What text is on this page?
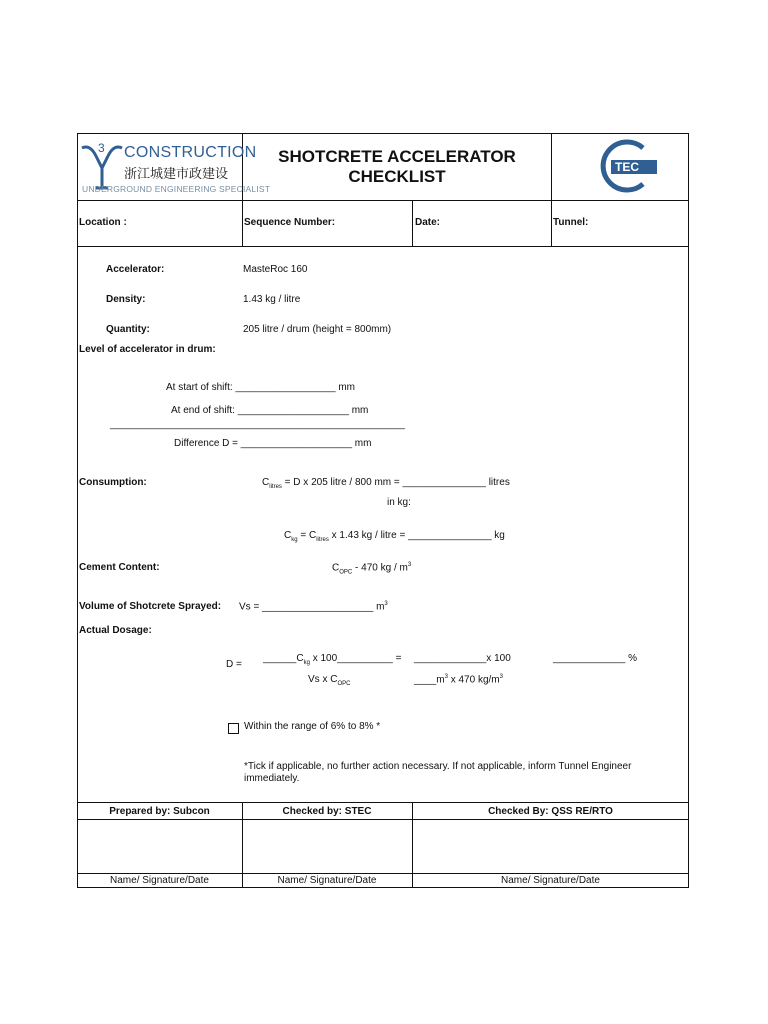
3 CONSTRUCTION
浙江城建市政建设
UNDERGROUND ENGINEERING SPECIALIST
SHOTCRETE ACCELERATOR
CHECKLIST	TEC
Location :	Sequence Number:	Date:	Tunnel:
Accelerator:	MasteRoc 160
Density:	1.43 kg / litre
Quantity:	205 litre / drum (height = 800mm)
Level of accelerator in drum:
At start of shift: __________________ mm
At end of shift: ____________________ mm
_____________________________________________________
Difference D = ____________________ mm
Consumption:	$C_{litres} = D$ x 205 litre / 800 mm = _______________ litres
in kg:
$C_{kg} = C_{litres}$ x 1.43 kg / litre = _______________ kg
Cement Content:	$C_{OPC} - 470$ kg / $m^3$
Volume of Shotcrete Sprayed: Vs = ____________________ $m^3$
Actual Dosage:
D =
$\_\_\_\_\_\_C_{kg}$ x 100__________ =
Vs x $C_{OPC}$
_____________x 100
$\_\_\_\_m^3$ x 470 $kg/m^3$
_____________ %
Within the range of 6% to 8% *
*Tick if applicable, no further action necessary. If not applicable, inform Tunnel Engineer
immediately.
Prepared by: Subcon	Checked by: STEC	Checked By: QSS RE/RTO
Name/ Signature/Date	Name/ Signature/Date	Name/ Signature/Date
